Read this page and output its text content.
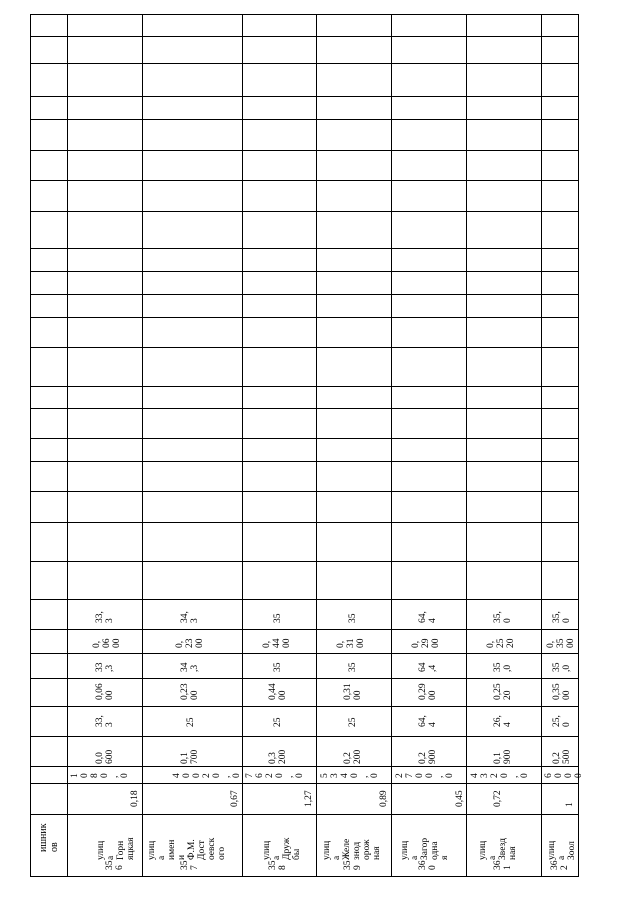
ишник
ов
35
6
улиц
а
Горн
яцкая
0,18
1
0
8
0
,
0
0,0
600
33,
3
0,06
00
33
,3
0,
06
00
33,
3
35
7
улиц
а
имен
и
Ф.М.
Дост
oевск
ого
0,67
4
0
0
2
0
,
0
0,1
700
25
0,23
00
34
,3
0,
23
00
34,
3
35
8
улиц
а
Друж
бы
1,27
7
6
2
0
,
0
0,3
200
25
0,44
00
35
0,
44
00
35
35
9
улиц
а
Желе
знод
орож
ная
0,89
5
3
4
0
,
0
0,2
200
25
0,31
00
35
0,
31
00
35
36
0
улиц
а
Загор
одна
я
0,45
2
7
0
0
,
0
0,2
900
64,
4
0,29
00
64
,4
0,
29
00
64,
4
36
1
улиц
а
Звезд
ная
0,72
4
3
2
0
,
0
0,1
900
26,
4
0,25
20
35
,0
0,
25
20
35,
0
36
2
улиц
а
Зоол
1
6
0
0
0
0,2
500
25,
0
0,35
00
35
,0
0,
35
00
35,
0
